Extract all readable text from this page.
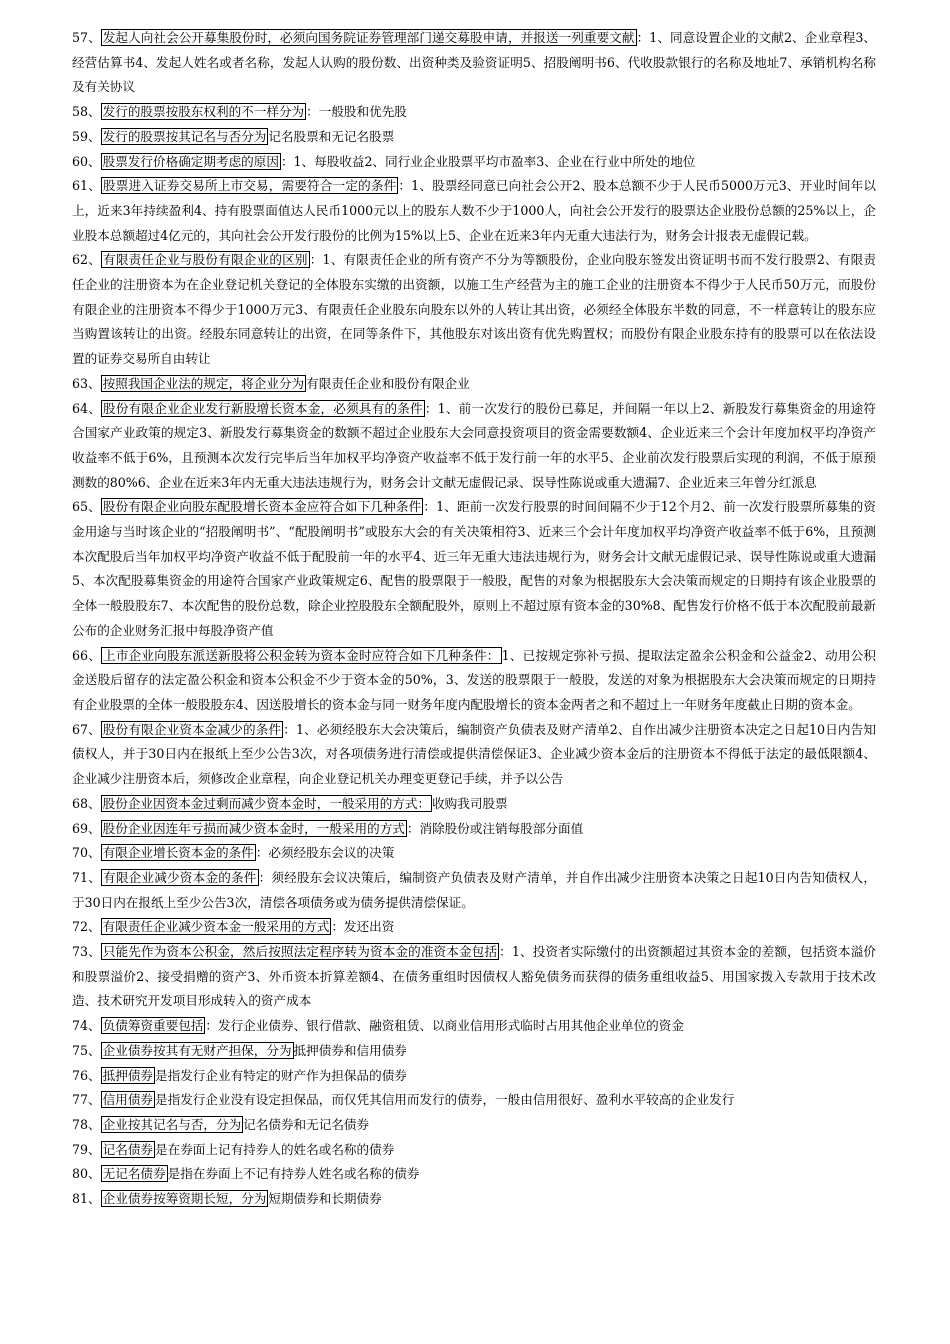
57、 发起人向社会公开募集股份时，必须向国务院证券管理部门递交募股申请，并报送一列重要文献 ：1、同意设置企业的文献2、企业章程3、经营估算书4、发起人姓名或者名称，发起人认购的股份数、出资种类及验资证明5、招股阐明书6、代收股款银行的名称及地址7、承销机构名称及有关协议

58、 发行的股票按股东权利的不一样分为 ：一般股和优先股

59、 发行的股票按其记名与否分为 记名股票和无记名股票

60、 股票发行价格确定期考虑的原因 ：1、每股收益2、同行业企业股票平均市盈率3、企业在行业中所处的地位

61、 股票进入证券交易所上市交易，需要符合一定的条件 ：1、股票经同意已向社会公开2、股本总额不少于人民币5000万元3、开业时间年以上，近来3年持续盈利4、持有股票面值达人民币1000元以上的股东人数不少于1000人，向社会公开发行的股票达企业股份总额的25%以上，企业股本总额超过4亿元的，其向社会公开发行股份的比例为15%以上5、企业在近来3年内无重大违法行为，财务会计报表无虚假记载。

62、 有限责任企业与股份有限企业的区别 ：1、有限责任企业的所有资产不分为等额股份，企业向股东签发出资证明书而不发行股票2、有限责任企业的注册资本为在企业登记机关登记的全体股东实缴的出资额，以施工生产经营为主的施工企业的注册资本不得少于人民币50万元，而股份有限企业的注册资本不得少于1000万元3、有限责任企业股东向股东以外的人转让其出资，必须经全体股东半数的同意，不一样意转让的股东应当购置该转让的出资。经股东同意转让的出资，在同等条件下，其他股东对该出资有优先购置权；而股份有限企业股东持有的股票可以在依法设置的证券交易所自由转让

63、 按照我国企业法的规定，将企业分为 有限责任企业和股份有限企业

64、 股份有限企业企业发行新股增长资本金，必须具有的条件 ：1、前一次发行的股份已募足，并间隔一年以上2、新股发行募集资金的用途符合国家产业政策的规定3、新股发行募集资金的数额不超过企业股东大会同意投资项目的资金需要数额4、企业近来三个会计年度加权平均净资产收益率不低于6%，且预测本次发行完毕后当年加权平均净资产收益率不低于发行前一年的水平5、企业前次发行股票后实现的利润，不低于原预测数的80%6、企业在近来3年内无重大违法违规行为，财务会计文献无虚假记录、误导性陈说或重大遗漏7、企业近来三年曾分红派息

65、 股份有限企业向股东配股增长资本金应符合如下几种条件 ：1、距前一次发行股票的时间间隔不少于12个月2、前一次发行股票所募集的资金用途与当时该企业的“招股阐明书”、“配股阐明书”或股东大会的有关决策相符3、近来三个会计年度加权平均净资产收益率不低于6%，且预测本次配股后当年加权平均净资产收益不低于配股前一年的水平4、近三年无重大违法违规行为，财务会计文献无虚假记录、误导性陈说或重大遗漏5、本次配股募集资金的用途符合国家产业政策规定6、配售的股票限于一般股，配售的对象为根据股东大会决策而规定的日期持有该企业股票的全体一般股股东7、本次配售的股份总数，除企业控股股东全额配股外，原则上不超过原有资本金的30%8、配售发行价格不低于本次配股前最新公布的企业财务汇报中每股净资产值

66、 上市企业向股东派送新股将公积金转为资本金时应符合如下几种条件： 1、已按规定弥补亏损、提取法定盈余公积金和公益金2、动用公积金送股后留存的法定盈公积金和资本公积金不少于资本金的50%，3、发送的股票限于一般股，发送的对象为根据股东大会决策而规定的日期持有企业股票的全体一般股股东4、因送股增长的资本金与同一财务年度内配股增长的资本金两者之和不超过上一年财务年度截止日期的资本金。

67、 股份有限企业资本金减少的条件 ：1、必须经股东大会决策后，编制资产负债表及财产清单2、自作出减少注册资本决定之日起10日内告知债权人，并于30日内在报纸上至少公告3次，对各项债务进行清偿或提供清偿保证3、企业减少资本金后的注册资本不得低于法定的最低限额4、企业减少注册资本后，须修改企业章程，向企业登记机关办理变更登记手续，并予以公告

68、 股份企业因资本金过剩而减少资本金时，一般采用的方式： 收购我司股票

69、 股份企业因连年亏损而减少资本金时，一般采用的方式 ：消除股份或注销每股部分面值

70、 有限企业增长资本金的条件 ：必须经股东会议的决策

71、 有限企业减少资本金的条件 ：须经股东会议决策后，编制资产负债表及财产清单，并自作出减少注册资本决策之日起10日内告知债权人，于30日内在报纸上至少公告3次，清偿各项债务或为债务提供清偿保证。

72、 有限责任企业减少资本金一般采用的方式 ：发还出资

73、 只能先作为资本公积金，然后按照法定程序转为资本金的准资本金包括 ：1、投资者实际缴付的出资额超过其资本金的差额，包括资本溢价和股票溢价2、接受捐赠的资产3、外币资本折算差额4、在债务重组时因债权人豁免债务而获得的债务重组收益5、用国家拨入专款用于技术改造、技术研究开发项目形成转入的资产成本

74、 负债筹资重要包括 ：发行企业债券、银行借款、融资租赁、以商业信用形式临时占用其他企业单位的资金

75、 企业债券按其有无财产担保，分为 抵押债券和信用债券

76、 抵押债券 是指发行企业有特定的财产作为担保品的债券

77、 信用债券 是指发行企业没有设定担保品，而仅凭其信用而发行的债券，一般由信用很好、盈利水平较高的企业发行

78、 企业按其记名与否，分为 记名债券和无记名债券

79、 记名债券 是在券面上记有持券人的姓名或名称的债券

80、 无记名债券 是指在券面上不记有持券人姓名或名称的债券

81、 企业债券按筹资期长短，分为 短期债券和长期债券
